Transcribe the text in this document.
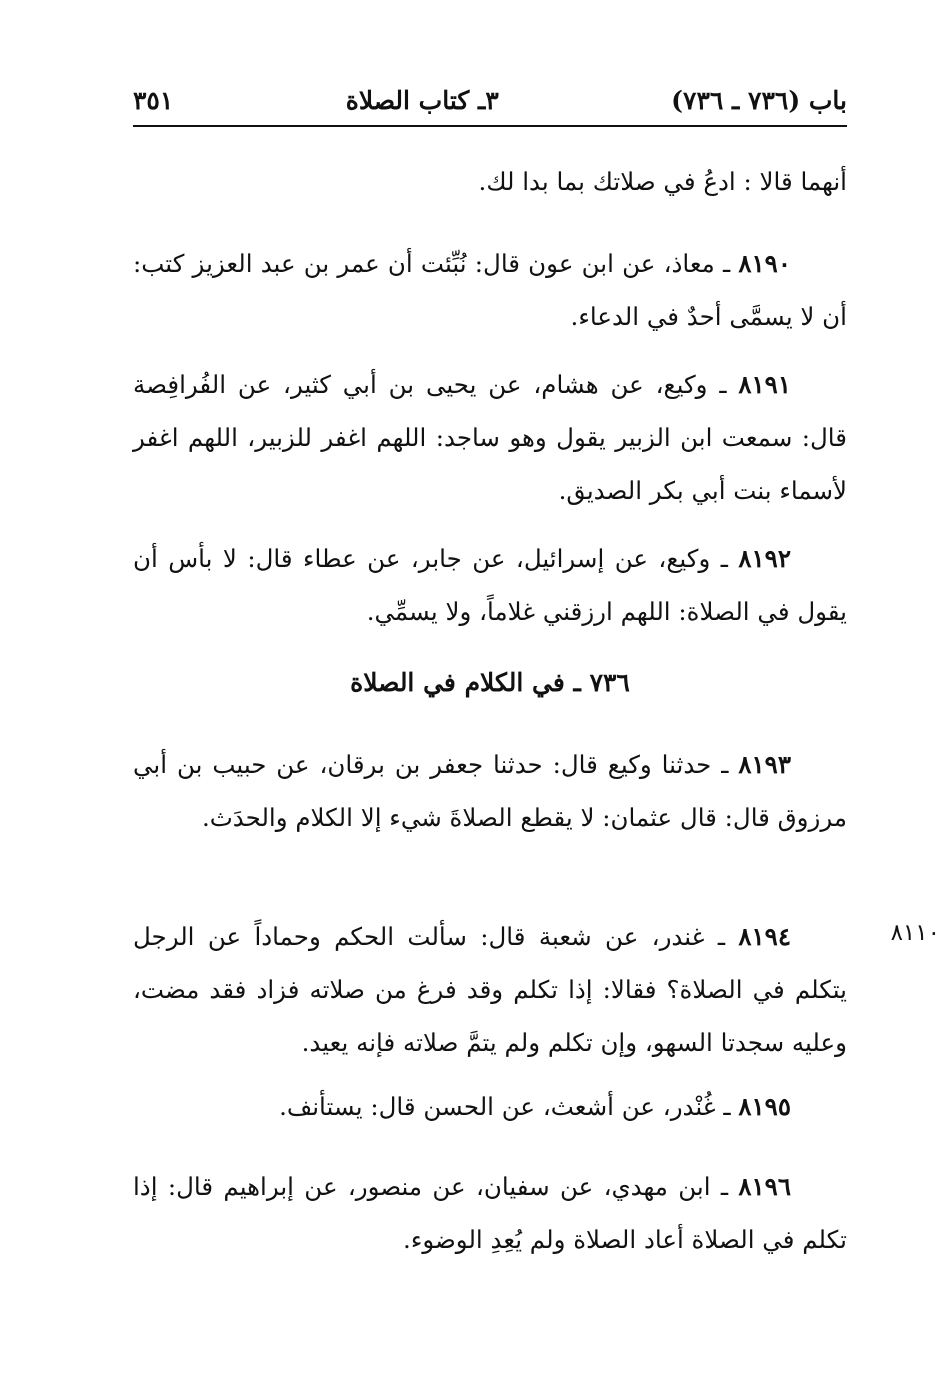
باب (٧٣٦ ـ ٧٣٦)
٣ـ كتاب الصلاة
٣٥١

أنهما قالا : ادعُ في صلاتك بما بدا لك.

٨١٩٠ ـ معاذ، عن ابن عون قال: نُبِّئت أن عمر بن عبد العزيز كتب: أن لا يسمَّى أحدٌ في الدعاء.

٨١٩١ ـ وكيع، عن هشام، عن يحيى بن أبي كثير، عن الفُرافِصة قال: سمعت ابن الزبير يقول وهو ساجد: اللهم اغفر للزبير، اللهم اغفر لأسماء بنت أبي بكر الصديق.

٨١٩٢ ـ وكيع، عن إسرائيل، عن جابر، عن عطاء قال: لا بأس أن يقول في الصلاة: اللهم ارزقني غلاماً، ولا يسمِّي.

٧٣٦ ـ في الكلام في الصلاة

٨١٩٣ ـ حدثنا وكيع قال: حدثنا جعفر بن برقان، عن حبيب بن أبي مرزوق قال: قال عثمان: لا يقطع الصلاةَ شيء إلا الكلام والحدَث.

٨١١٠

٨١٩٤ ـ غندر، عن شعبة قال: سألت الحكم وحماداً عن الرجل يتكلم في الصلاة؟ فقالا: إذا تكلم وقد فرغ من صلاته فزاد فقد مضت، وعليه سجدتا السهو، وإن تكلم ولم يتمَّ صلاته فإنه يعيد.

٨١٩٥ ـ غُنْدر، عن أشعث، عن الحسن قال: يستأنف.

٨١٩٦ ـ ابن مهدي، عن سفيان، عن منصور، عن إبراهيم قال: إذا تكلم في الصلاة أعاد الصلاة ولم يُعِدِ الوضوء.
